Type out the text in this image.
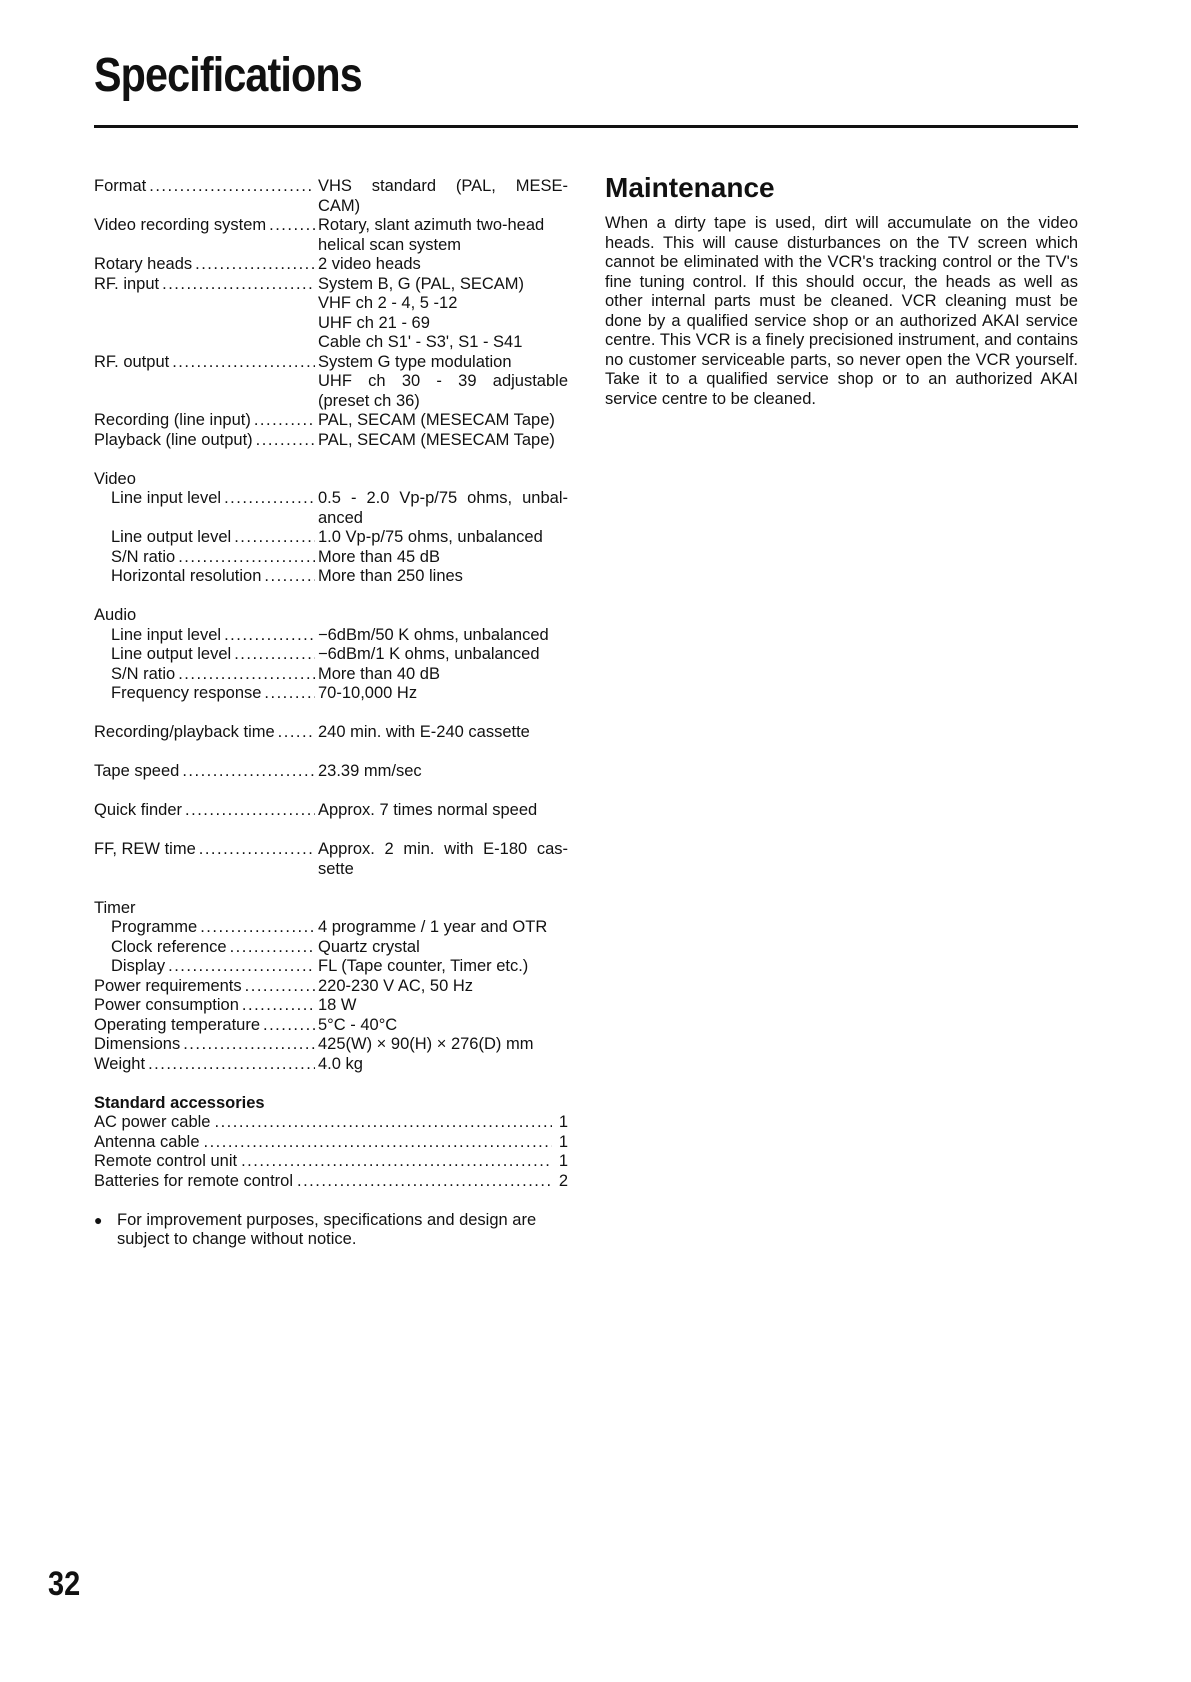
Specifications
Format .....	VHS standard (PAL, MESE-
CAM)
Video recording system .....	Rotary, slant azimuth two-head
helical scan system
Rotary heads .....	2 video heads
RF. input .....	System B, G (PAL, SECAM)
VHF ch 2 - 4, 5 -12
UHF ch 21 - 69
Cable ch S1' - S3', S1 - S41
RF. output .....	System G type modulation
UHF ch 30 - 39 adjustable
(preset ch 36)
Recording (line input) .....	PAL, SECAM (MESECAM Tape)
Playback (line output) .....	PAL, SECAM (MESECAM Tape)
Video
Line input level .....	0.5 - 2.0 Vp-p/75 ohms, unbal-
anced
Line output level .....	1.0 Vp-p/75 ohms, unbalanced
S/N ratio .....	More than 45 dB
Horizontal resolution .....	More than 250 lines
Audio
Line input level .....	−6dBm/50 K ohms, unbalanced
Line output level .....	−6dBm/1 K ohms, unbalanced
S/N ratio .....	More than 40 dB
Frequency response .....	70-10,000 Hz
Recording/playback time .....	240 min. with E-240 cassette
Tape speed .....	23.39 mm/sec
Quick finder .....	Approx. 7 times normal speed
FF, REW time .....	Approx. 2 min. with E-180 cas-
sette
Timer
Programme .....	4 programme / 1 year and OTR
Clock reference .....	Quartz crystal
Display .....	FL (Tape counter, Timer etc.)
Power requirements .....	220-230 V AC, 50 Hz
Power consumption .....	18 W
Operating temperature .....	5°C - 40°C
Dimensions .....	425(W) × 90(H) × 276(D) mm
Weight .....	4.0 kg
Standard accessories
AC power cable .....	1
Antenna cable .....	1
Remote control unit .....	1
Batteries for remote control .....	2
● For improvement purposes, specifications and design are subject to change without notice.
Maintenance
When a dirty tape is used, dirt will accumulate on the video heads. This will cause disturbances on the TV screen which cannot be eliminated with the VCR's tracking control or the TV's fine tuning control. If this should occur, the heads as well as other internal parts must be cleaned. VCR cleaning must be done by a qualified service shop or an authorized AKAI service centre. This VCR is a finely precisioned instrument, and contains no customer serviceable parts, so never open the VCR yourself. Take it to a qualified service shop or to an authorized AKAI service centre to be cleaned.
32
